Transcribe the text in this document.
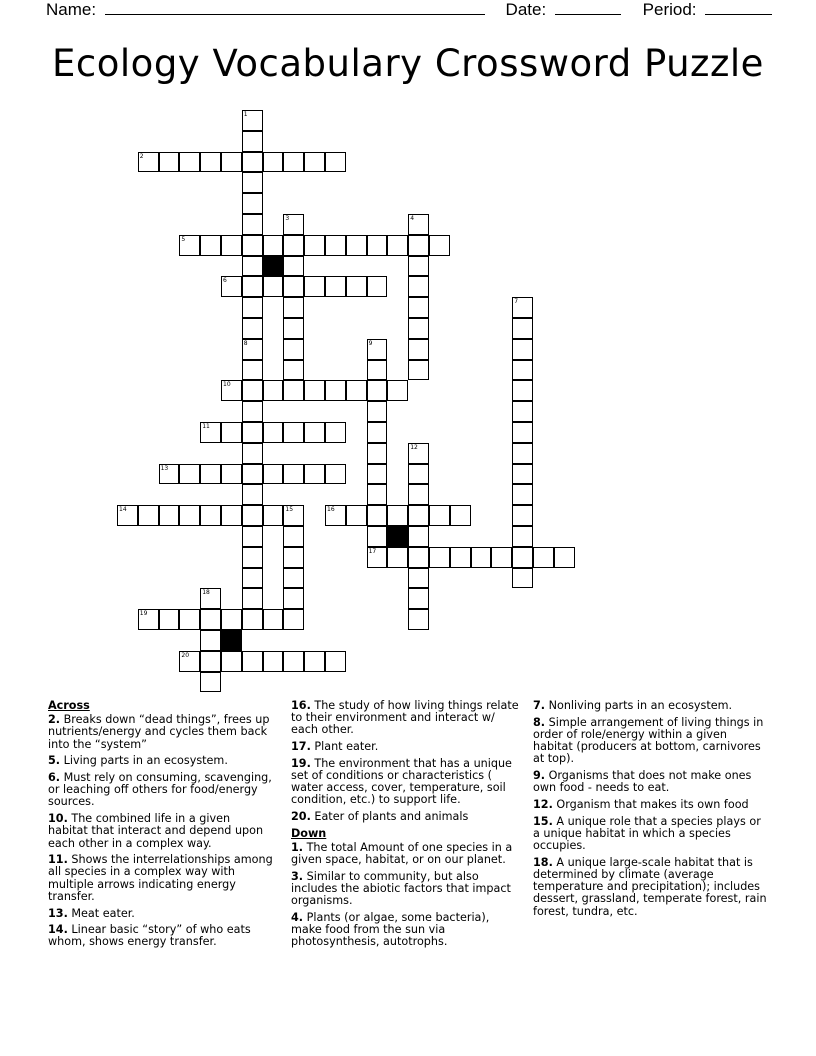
Name:	Date:	Period:
Ecology Vocabulary Crossword Puzzle
1
8
2
3	4
5
6
7
9
10
11
12
13
14	15	16
17
18
19
20
Across
2. Breaks down “dead things”, frees up nutrients/energy and cycles them back into the “system”
5. Living parts in an ecosystem.
6. Must rely on consuming, scavenging, or leaching off others for food/energy sources.
10. The combined life in a given habitat that interact and depend upon each other in a complex way.
11. Shows the interrelationships among all species in a complex way with multiple arrows indicating energy transfer.
13. Meat eater.
14. Linear basic “story” of who eats whom, shows energy transfer.
16. The study of how living things relate to their environment and interact w/ each other.
17. Plant eater.
19. The environment that has a unique set of conditions or characteristics ( water access, cover, temperature, soil condition, etc.) to support life.
20. Eater of plants and animals
Down
1. The total Amount of one species in a given space, habitat, or on our planet.
3. Similar to community, but also includes the abiotic factors that impact organisms.
4. Plants (or algae, some bacteria), make food from the sun via photosynthesis, autotrophs.
7. Nonliving parts in an ecosystem.
8. Simple arrangement of living things in order of role/energy within a given habitat (producers at bottom, carnivores at top).
9. Organisms that does not make ones own food - needs to eat.
12. Organism that makes its own food
15. A unique role that a species plays or a unique habitat in which a species occupies.
18. A unique large-scale habitat that is determined by climate (average temperature and precipitation); includes dessert, grassland, temperate forest, rain forest, tundra, etc.
